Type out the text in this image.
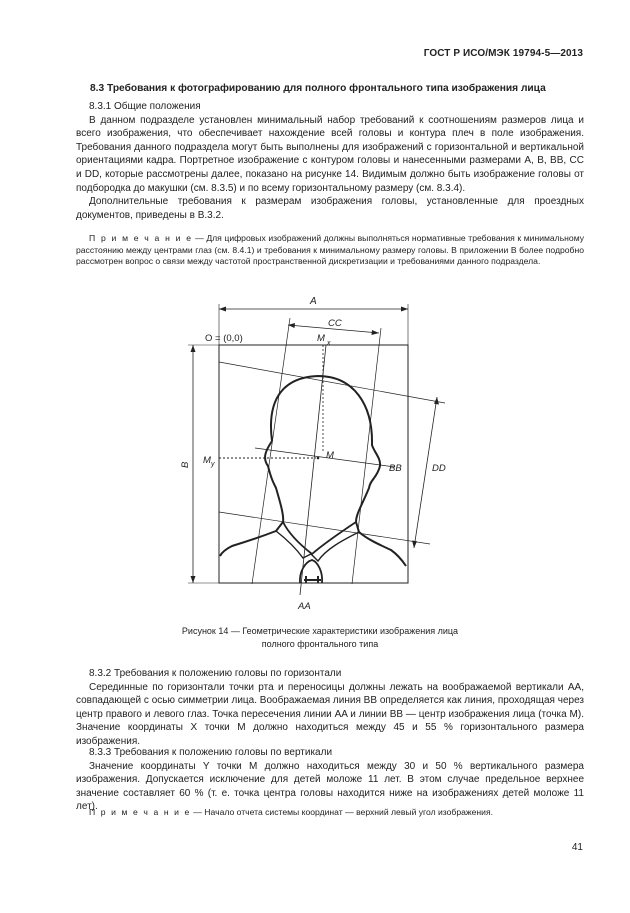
ГОСТ Р ИСО/МЭК 19794-5—2013
8.3 Требования к фотографированию для полного фронтального типа изображения лица

8.3.1 Общие положения

В данном подразделе установлен минимальный набор требований к соотношениям размеров лица и всего изображения, что обеспечивает нахождение всей головы и контура плеч в поле изображения. Требования данного подраздела могут быть выполнены для изображений с горизонтальной и вертикальной ориентациями кадра. Портретное изображение с контуром головы и нанесенными размерами A, B, BB, CC и DD, которые рассмотрены далее, показано на рисунке 14. Видимым должно быть изображение головы от подбородка до макушки (см. 8.3.5) и по всему горизонтальному размеру (см. 8.3.4).

Дополнительные требования к размерам изображения головы, установленные для проездных документов, приведены в В.3.2.

П р и м е ч а н и е — Для цифровых изображений должны выполняться нормативные требования к минимальному расстоянию между центрами глаз (см. 8.4.1) и требования к минимальному размеру головы. В приложении В более подробно рассмотрен вопрос о связи между частотой пространственной дискретизации и требованиями данного подраздела.

A
CC
O = (0,0)	M x
M
M y
B	BB	DD
AA
Рисунок 14 — Геометрические характеристики изображения лица
полного фронтального типа

8.3.2 Требования к положению головы по горизонтали

Серединные по горизонтали точки рта и переносицы должны лежать на воображаемой вертикали AA, совпадающей с осью симметрии лица. Воображаемая линия BB определяется как линия, проходящая через центр правого и левого глаз. Точка пересечения линии AA и линии BB — центр изображения лица (точка M). Значение координаты X точки M должно находиться между 45 и 55 % горизонтального размера изображения.

8.3.3 Требования к положению головы по вертикали

Значение координаты Y точки M должно находиться между 30 и 50 % вертикального размера изображения. Допускается исключение для детей моложе 11 лет. В этом случае предельное верхнее значение составляет 60 % (т. е. точка центра головы находится ниже на изображениях детей моложе 11 лет).

П р и м е ч а н и е — Начало отчета системы координат — верхний левый угол изображения.

41
